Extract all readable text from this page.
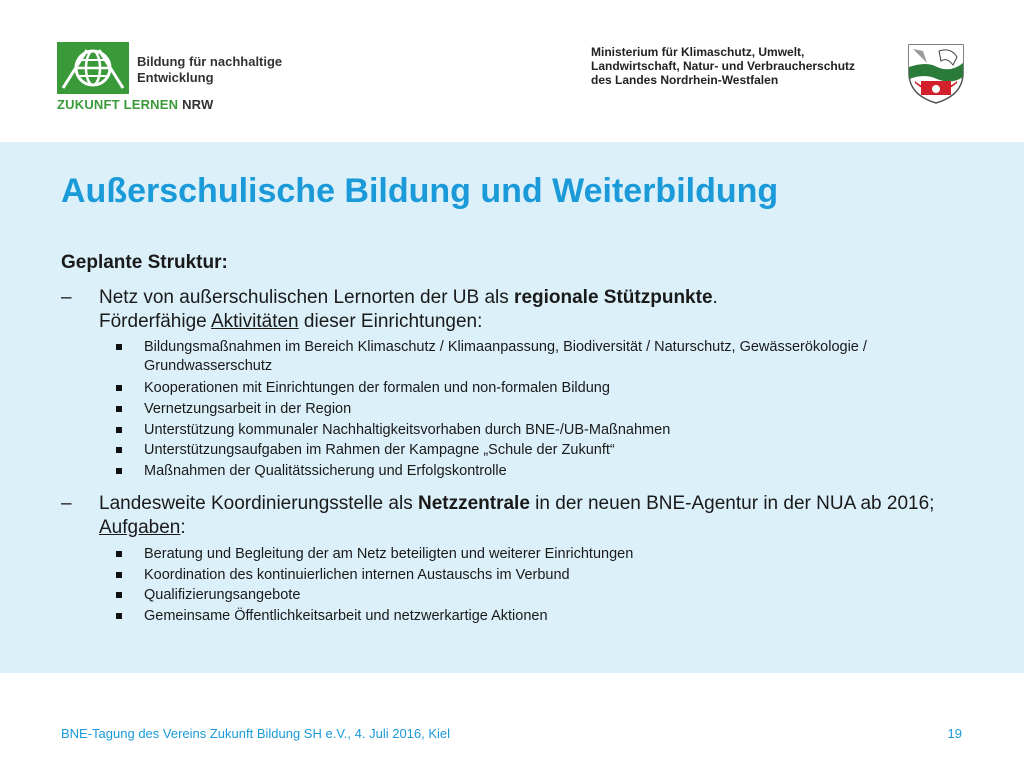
Bildung für nachhaltige
Entwicklung
ZUKUNFT LERNEN NRW
Ministerium für Klimaschutz, Umwelt,
Landwirtschaft, Natur- und Verbraucherschutz
des Landes Nordrhein-Westfalen
Außerschulische Bildung und Weiterbildung
Geplante Struktur:
–	Netz von außerschulischen Lernorten der UB als regionale Stützpunkte.
Förderfähige Aktivitäten dieser Einrichtungen:
Bildungsmaßnahmen im Bereich Klimaschutz / Klimaanpassung, Biodiversität / Naturschutz, Gewässerökologie / Grundwasserschutz
Kooperationen mit Einrichtungen der formalen und non-formalen Bildung
Vernetzungsarbeit in der Region
Unterstützung kommunaler Nachhaltigkeitsvorhaben durch BNE-/UB-Maßnahmen
Unterstützungsaufgaben im Rahmen der Kampagne „Schule der Zukunft“
Maßnahmen der Qualitätssicherung und Erfolgskontrolle
–	Landesweite Koordinierungsstelle als Netzzentrale in der neuen BNE-Agentur in der NUA ab 2016; Aufgaben:
Beratung und Begleitung der am Netz beteiligten und weiterer Einrichtungen
Koordination des kontinuierlichen internen Austauschs im Verbund
Qualifizierungsangebote
Gemeinsame Öffentlichkeitsarbeit und netzwerkartige Aktionen
BNE-Tagung des Vereins Zukunft Bildung SH e.V., 4. Juli 2016, Kiel	19
